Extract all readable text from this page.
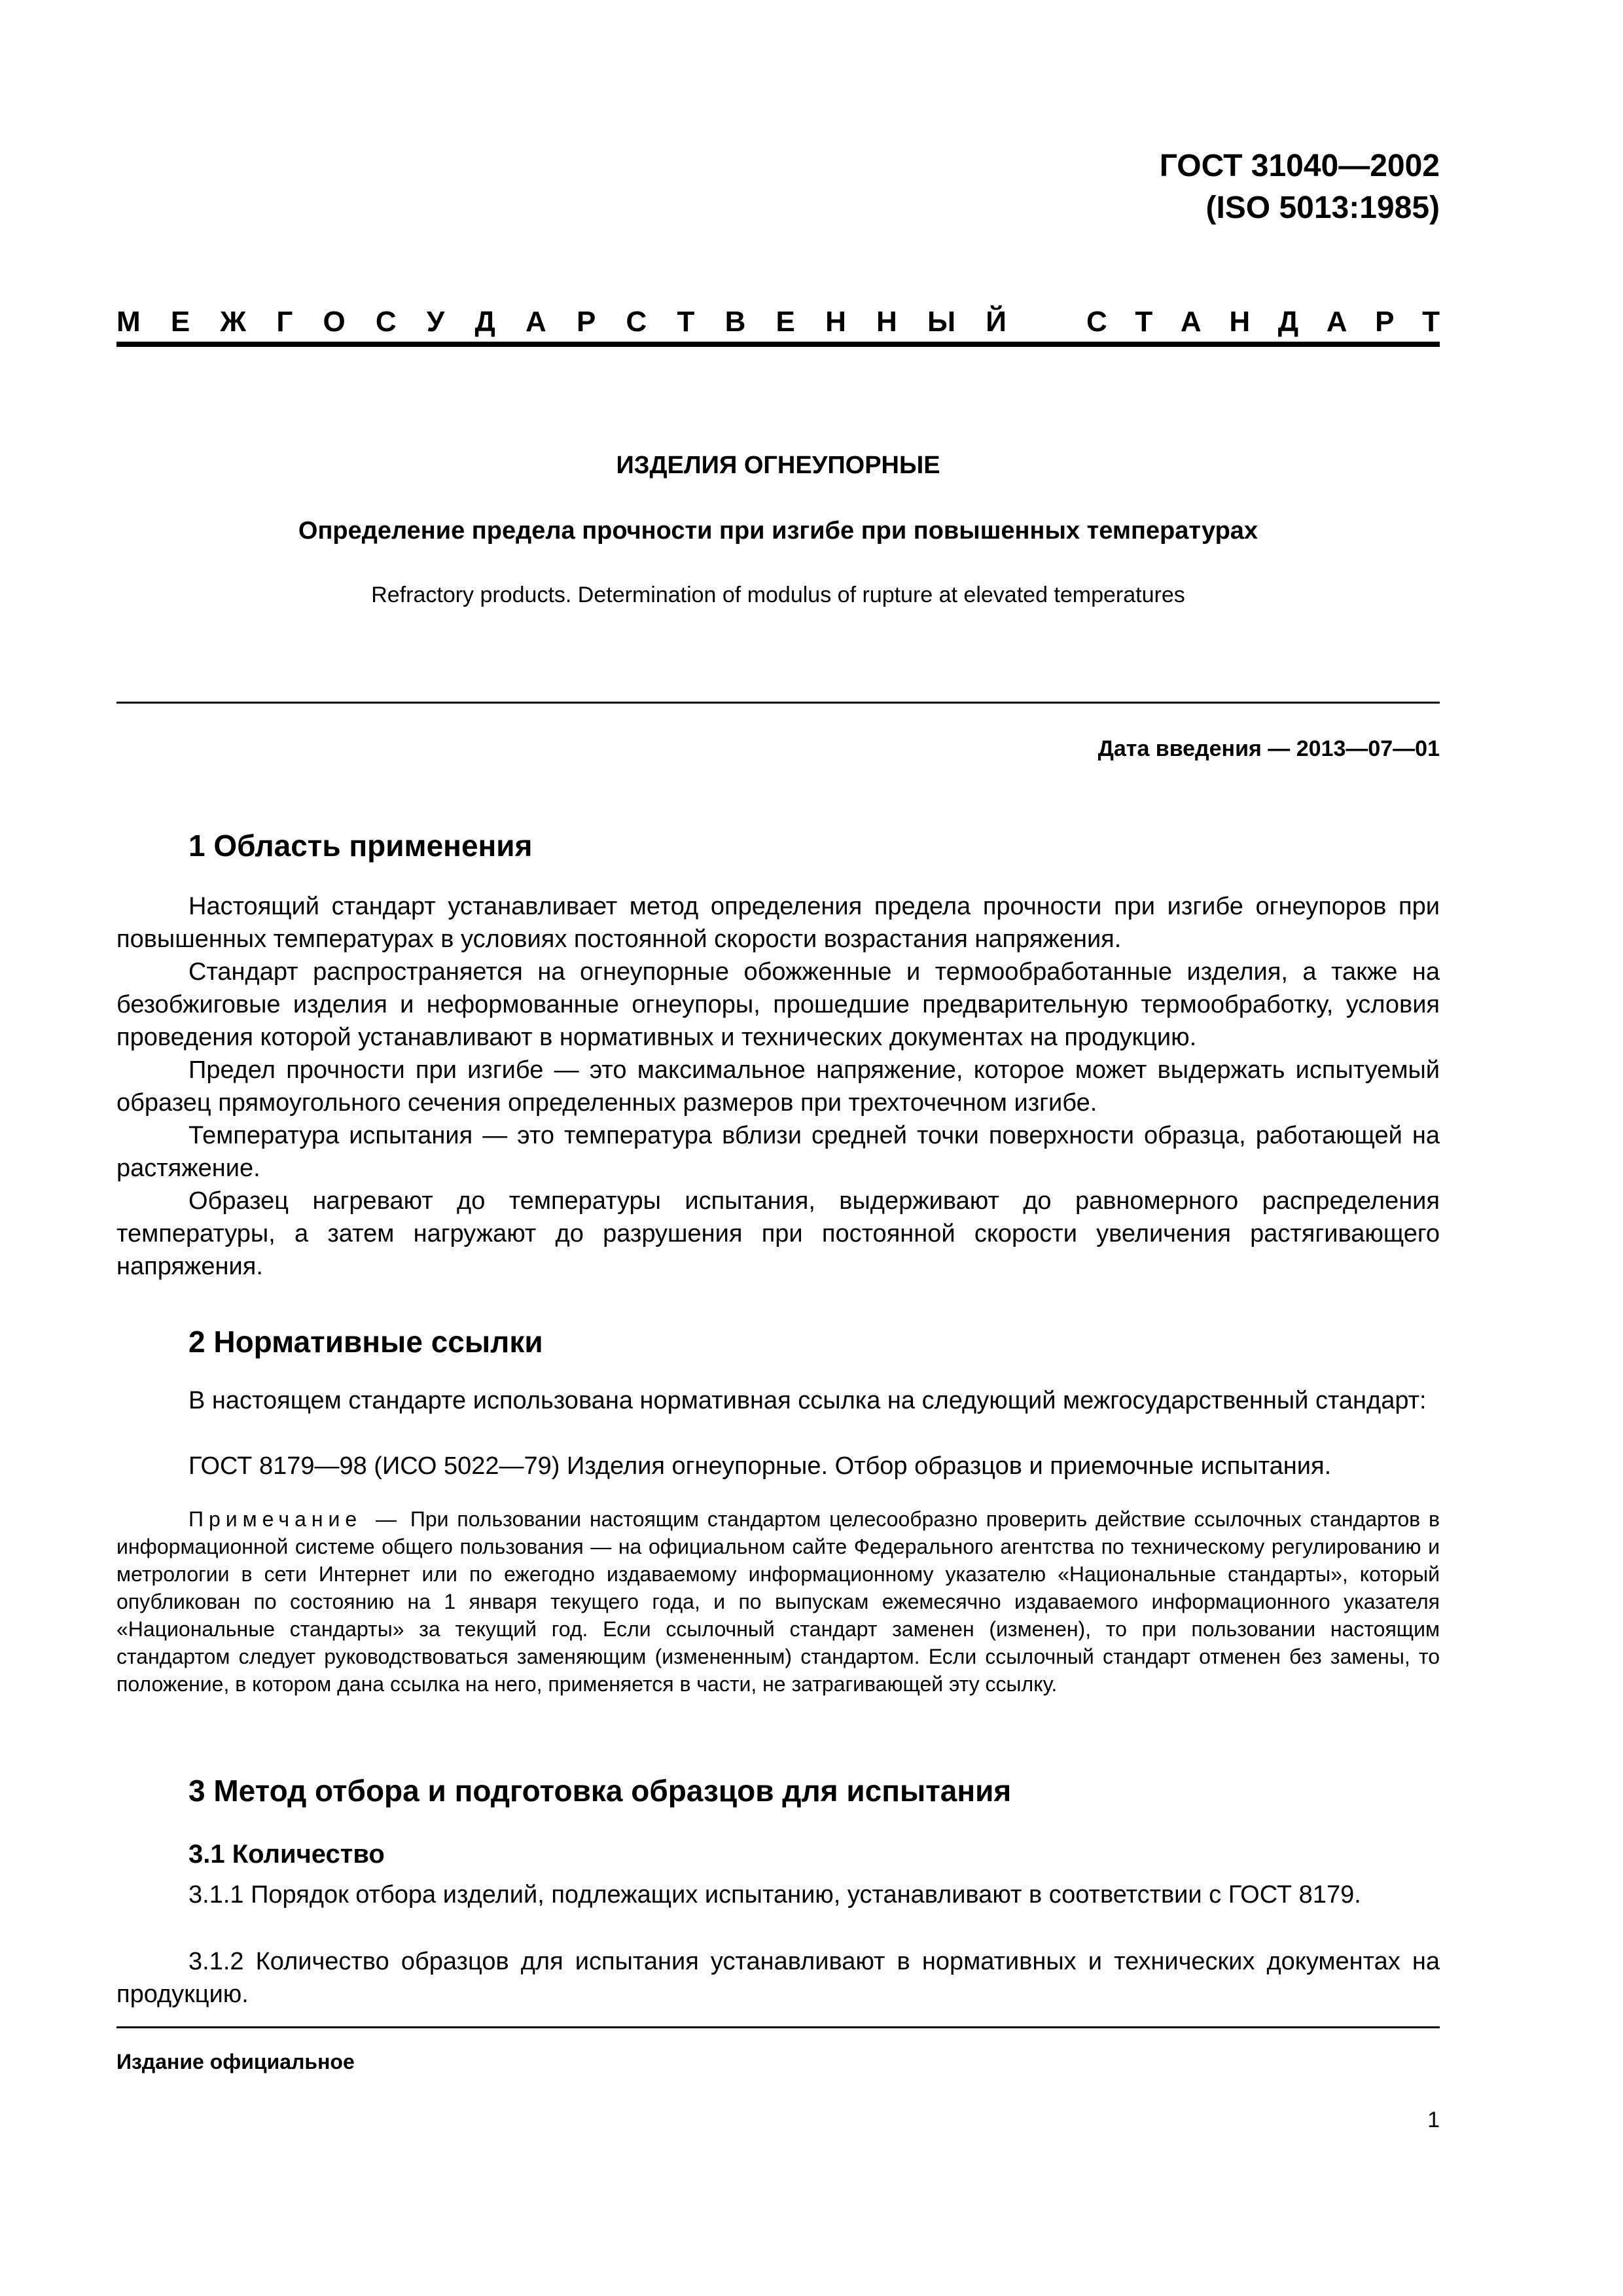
ГОСТ 31040—2002
(ISO 5013:1985)
М Е Ж Г О С У Д А Р С Т В Е Н Н Ы Й	С Т А Н Д А Р Т
ИЗДЕЛИЯ ОГНЕУПОРНЫЕ
Определение предела прочности при изгибе при повышенных температурах
Refractory products. Determination of modulus of rupture at elevated temperatures
Дата введения — 2013—07—01
1 Область применения
Настоящий стандарт устанавливает метод определения предела прочности при изгибе огнеупоров при повышенных температурах в условиях постоянной скорости возрастания напряжения.
Стандарт распространяется на огнеупорные обожженные и термообработанные изделия, а также на безобжиговые изделия и неформованные огнеупоры, прошедшие предварительную термообработку, условия проведения которой устанавливают в нормативных и технических документах на продукцию.
Предел прочности при изгибе — это максимальное напряжение, которое может выдержать испытуемый образец прямоугольного сечения определенных размеров при трехточечном изгибе.
Температура испытания — это температура вблизи средней точки поверхности образца, работающей на растяжение.
Образец нагревают до температуры испытания, выдерживают до равномерного распределения температуры, а затем нагружают до разрушения при постоянной скорости увеличения растягивающего напряжения.
2 Нормативные ссылки
В настоящем стандарте использована нормативная ссылка на следующий межгосударственный стандарт:
ГОСТ 8179—98 (ИСО 5022—79) Изделия огнеупорные. Отбор образцов и приемочные испытания.
Примечание — При пользовании настоящим стандартом целесообразно проверить действие ссылочных стандартов в информационной системе общего пользования — на официальном сайте Федерального агентства по техническому регулированию и метрологии в сети Интернет или по ежегодно издаваемому информационному указателю «Национальные стандарты», который опубликован по состоянию на 1 января текущего года, и по выпускам ежемесячно издаваемого информационного указателя «Национальные стандарты» за текущий год. Если ссылочный стандарт заменен (изменен), то при пользовании настоящим стандартом следует руководствоваться заменяющим (измененным) стандартом. Если ссылочный стандарт отменен без замены, то положение, в котором дана ссылка на него, применяется в части, не затрагивающей эту ссылку.
3 Метод отбора и подготовка образцов для испытания
3.1 Количество
3.1.1 Порядок отбора изделий, подлежащих испытанию, устанавливают в соответствии с ГОСТ 8179.
3.1.2 Количество образцов для испытания устанавливают в нормативных и технических документах на продукцию.
Издание официальное
1
